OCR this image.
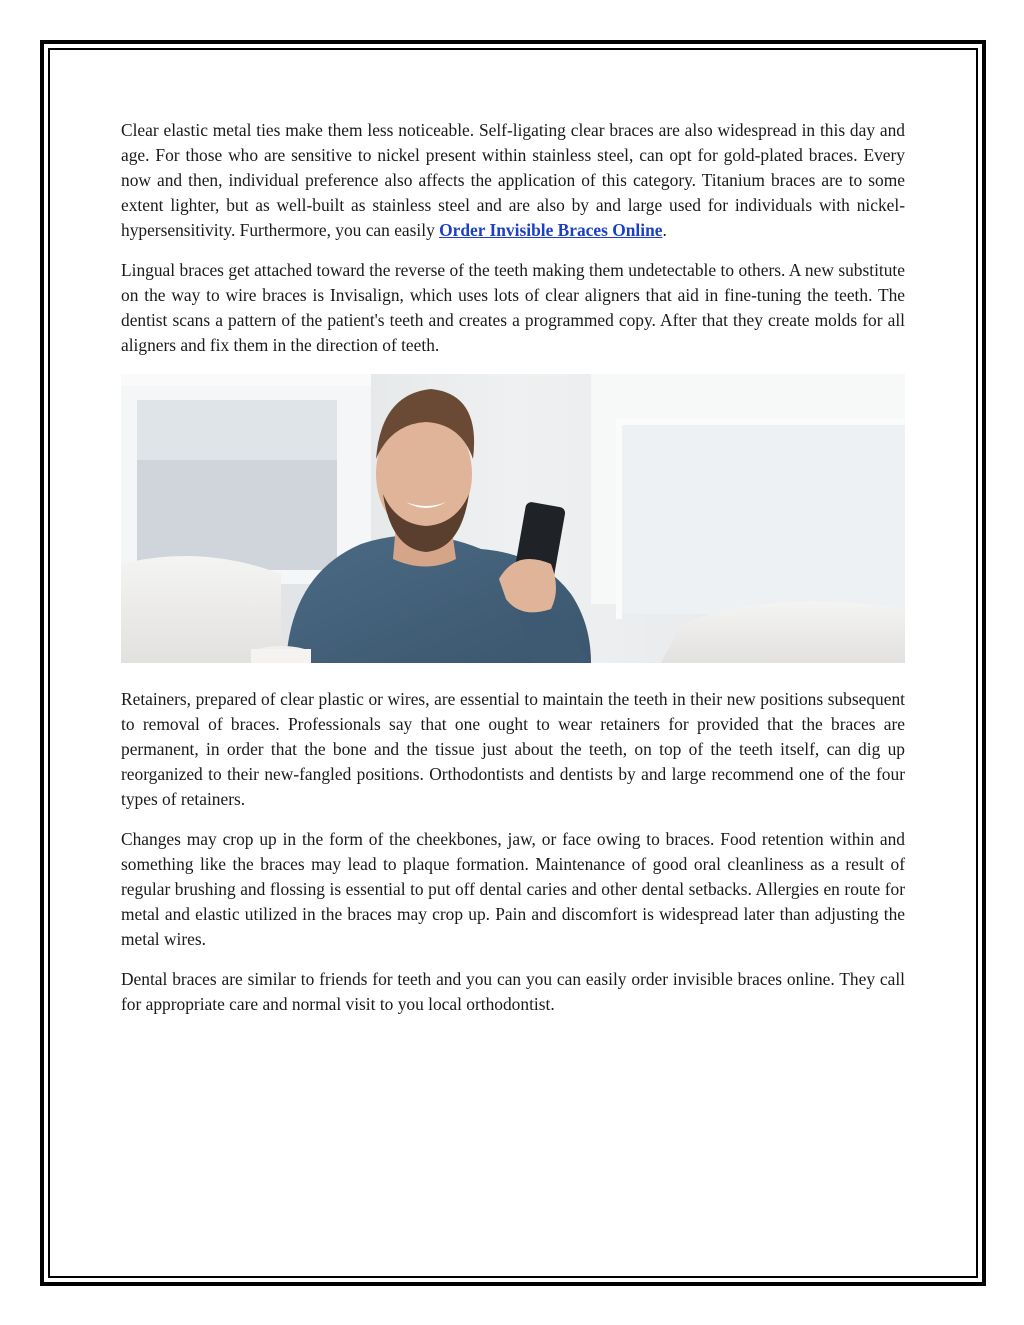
Clear elastic metal ties make them less noticeable. Self-ligating clear braces are also widespread in this day and age. For those who are sensitive to nickel present within stainless steel, can opt for gold-plated braces. Every now and then, individual preference also affects the application of this category. Titanium braces are to some extent lighter, but as well-built as stainless steel and are also by and large used for individuals with nickel-hypersensitivity. Furthermore, you can easily Order Invisible Braces Online.

Lingual braces get attached toward the reverse of the teeth making them undetectable to others. A new substitute on the way to wire braces is Invisalign, which uses lots of clear aligners that aid in fine-tuning the teeth. The dentist scans a pattern of the patient's teeth and creates a programmed copy. After that they create molds for all aligners and fix them in the direction of teeth.

Retainers, prepared of clear plastic or wires, are essential to maintain the teeth in their new positions subsequent to removal of braces. Professionals say that one ought to wear retainers for provided that the braces are permanent, in order that the bone and the tissue just about the teeth, on top of the teeth itself, can dig up reorganized to their new-fangled positions. Orthodontists and dentists by and large recommend one of the four types of retainers.

Changes may crop up in the form of the cheekbones, jaw, or face owing to braces. Food retention within and something like the braces may lead to plaque formation. Maintenance of good oral cleanliness as a result of regular brushing and flossing is essential to put off dental caries and other dental setbacks. Allergies en route for metal and elastic utilized in the braces may crop up. Pain and discomfort is widespread later than adjusting the metal wires.

Dental braces are similar to friends for teeth and you can you can easily order invisible braces online. They call for appropriate care and normal visit to you local orthodontist.
